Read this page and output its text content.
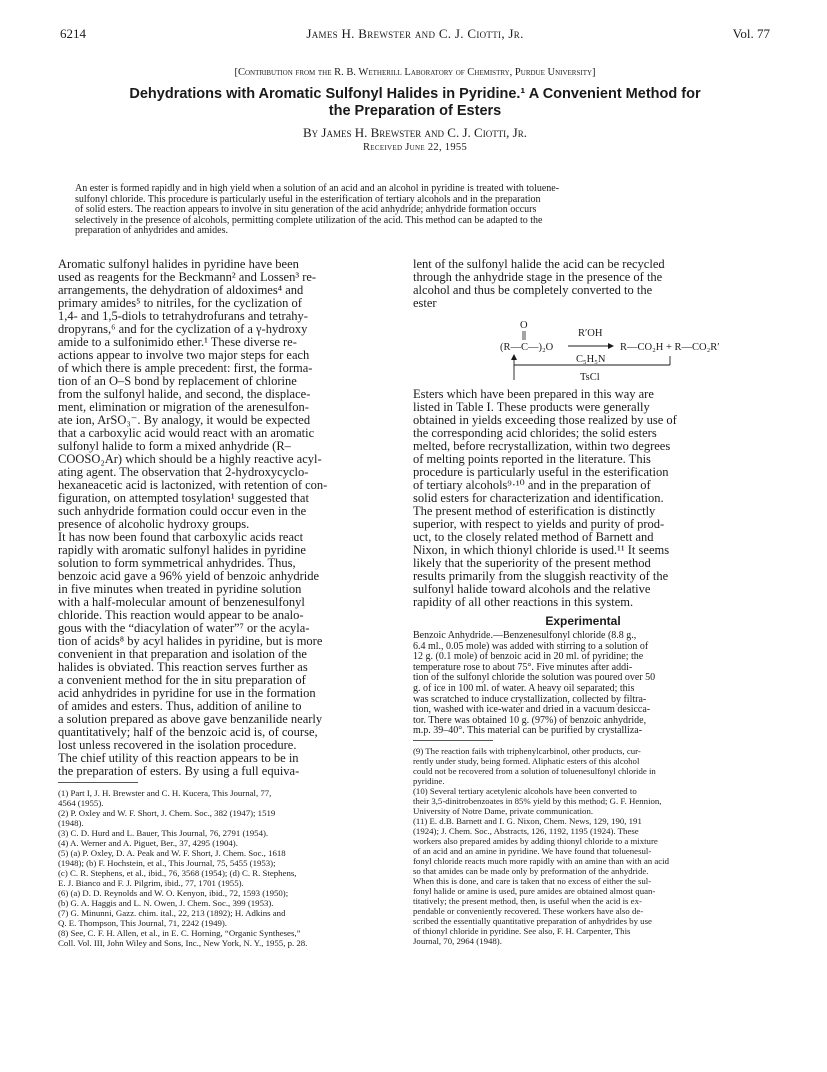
6214	James H. Brewster and C. J. Ciotti, Jr.	Vol. 77
[Contribution from the R. B. Wetherill Laboratory of Chemistry, Purdue University]
Dehydrations with Aromatic Sulfonyl Halides in Pyridine.¹ A Convenient Method for
the Preparation of Esters
By James H. Brewster and C. J. Ciotti, Jr.
Received June 22, 1955
An ester is formed rapidly and in high yield when a solution of an acid and an alcohol in pyridine is treated with toluene-
sulfonyl chloride. This procedure is particularly useful in the esterification of tertiary alcohols and in the preparation
of solid esters. The reaction appears to involve in situ generation of the acid anhydride; anhydride formation occurs
selectively in the presence of alcohols, permitting complete utilization of the acid. This method can be adapted to the
preparation of anhydrides and amides.
Aromatic sulfonyl halides in pyridine have been
used as reagents for the Beckmann² and Lossen³ re-
arrangements, the dehydration of aldoximes⁴ and
primary amides⁵ to nitriles, for the cyclization of
1,4- and 1,5-diols to tetrahydrofurans and tetrahy-
dropyrans,⁶ and for the cyclization of a γ-hydroxy
amide to a sulfonimido ether.¹ These diverse re-
actions appear to involve two major steps for each
of which there is ample precedent: first, the forma-
tion of an O–S bond by replacement of chlorine
from the sulfonyl halide, and second, the displace-
ment, elimination or migration of the arenesulfon-
ate ion, ArSO₃⁻. By analogy, it would be expected
that a carboxylic acid would react with an aromatic
sulfonyl halide to form a mixed anhydride (R–
COOSO₂Ar) which should be a highly reactive acyl-
ating agent. The observation that 2-hydroxycyclo-
hexaneacetic acid is lactonized, with retention of con-
figuration, on attempted tosylation¹ suggested that
such anhydride formation could occur even in the
presence of alcoholic hydroxy groups.
It has now been found that carboxylic acids react
rapidly with aromatic sulfonyl halides in pyridine
solution to form symmetrical anhydrides. Thus,
benzoic acid gave a 96% yield of benzoic anhydride
in five minutes when treated in pyridine solution
with a half-molecular amount of benzenesulfonyl
chloride. This reaction would appear to be analo-
gous with the “diacylation of water”⁷ or the acyla-
tion of acids⁸ by acyl halides in pyridine, but is more
convenient in that preparation and isolation of the
halides is obviated. This reaction serves further as
a convenient method for the in situ preparation of
acid anhydrides in pyridine for use in the formation
of amides and esters. Thus, addition of aniline to
a solution prepared as above gave benzanilide nearly
quantitatively; half of the benzoic acid is, of course,
lost unless recovered in the isolation procedure.
The chief utility of this reaction appears to be in
the preparation of esters. By using a full equiva-
(1) Part I, J. H. Brewster and C. H. Kucera, This Journal, 77,
4564 (1955).
(2) P. Oxley and W. F. Short, J. Chem. Soc., 382 (1947); 1519
(1948).
(3) C. D. Hurd and L. Bauer, This Journal, 76, 2791 (1954).
(4) A. Werner and A. Piguet, Ber., 37, 4295 (1904).
(5) (a) P. Oxley, D. A. Peak and W. F. Short, J. Chem. Soc., 1618
(1948); (b) F. Hochstein, et al., This Journal, 75, 5455 (1953);
(c) C. R. Stephens, et al., ibid., 76, 3568 (1954); (d) C. R. Stephens,
E. J. Bianco and F. J. Pilgrim, ibid., 77, 1701 (1955).
(6) (a) D. D. Reynolds and W. O. Kenyon, ibid., 72, 1593 (1950);
(b) G. A. Haggis and L. N. Owen, J. Chem. Soc., 399 (1953).
(7) G. Minunni, Gazz. chim. ital., 22, 213 (1892); H. Adkins and
Q. E. Thompson, This Journal, 71, 2242 (1949).
(8) See, C. F. H. Allen, et al., in E. C. Horning, “Organic Syntheses,”
Coll. Vol. III, John Wiley and Sons, Inc., New York, N. Y., 1955, p. 28.
lent of the sulfonyl halide the acid can be recycled
through the anhydride stage in the presence of the
alcohol and thus be completely converted to the
ester
O
(R—C—)₂O
R′OH
R—CO₂H + R—CO₂R′
C₅H₅N
TsCl
Esters which have been prepared in this way are
listed in Table I. These products were generally
obtained in yields exceeding those realized by use of
the corresponding acid chlorides; the solid esters
melted, before recrystallization, within two degrees
of melting points reported in the literature. This
procedure is particularly useful in the esterification
of tertiary alcohols⁹·¹⁰ and in the preparation of
solid esters for characterization and identification.
The present method of esterification is distinctly
superior, with respect to yields and purity of prod-
uct, to the closely related method of Barnett and
Nixon, in which thionyl chloride is used.¹¹ It seems
likely that the superiority of the present method
results primarily from the sluggish reactivity of the
sulfonyl halide toward alcohols and the relative
rapidity of all other reactions in this system.
Experimental
Benzoic Anhydride.—Benzenesulfonyl chloride (8.8 g.,
6.4 ml., 0.05 mole) was added with stirring to a solution of
12 g. (0.1 mole) of benzoic acid in 20 ml. of pyridine; the
temperature rose to about 75°. Five minutes after addi-
tion of the sulfonyl chloride the solution was poured over 50
g. of ice in 100 ml. of water. A heavy oil separated; this
was scratched to induce crystallization, collected by filtra-
tion, washed with ice-water and dried in a vacuum desicca-
tor. There was obtained 10 g. (97%) of benzoic anhydride,
m.p. 39–40°. This material can be purified by crystalliza-
(9) The reaction fails with triphenylcarbinol, other products, cur-
rently under study, being formed. Aliphatic esters of this alcohol
could not be recovered from a solution of toluenesulfonyl chloride in
pyridine.
(10) Several tertiary acetylenic alcohols have been converted to
their 3,5-dinitrobenzoates in 85% yield by this method; G. F. Hennion,
University of Notre Dame, private communication.
(11) E. d.B. Barnett and I. G. Nixon, Chem. News, 129, 190, 191
(1924); J. Chem. Soc., Abstracts, 126, 1192, 1195 (1924). These
workers also prepared amides by adding thionyl chloride to a mixture
of an acid and an amine in pyridine. We have found that toluenesul-
fonyl chloride reacts much more rapidly with an amine than with an acid
so that amides can be made only by preformation of the anhydride.
When this is done, and care is taken that no excess of either the sul-
fonyl halide or amine is used, pure amides are obtained almost quan-
titatively; the present method, then, is useful when the acid is ex-
pendable or conveniently recovered. These workers have also de-
scribed the essentially quantitative preparation of anhydrides by use
of thionyl chloride in pyridine. See also, F. H. Carpenter, This
Journal, 70, 2964 (1948).
